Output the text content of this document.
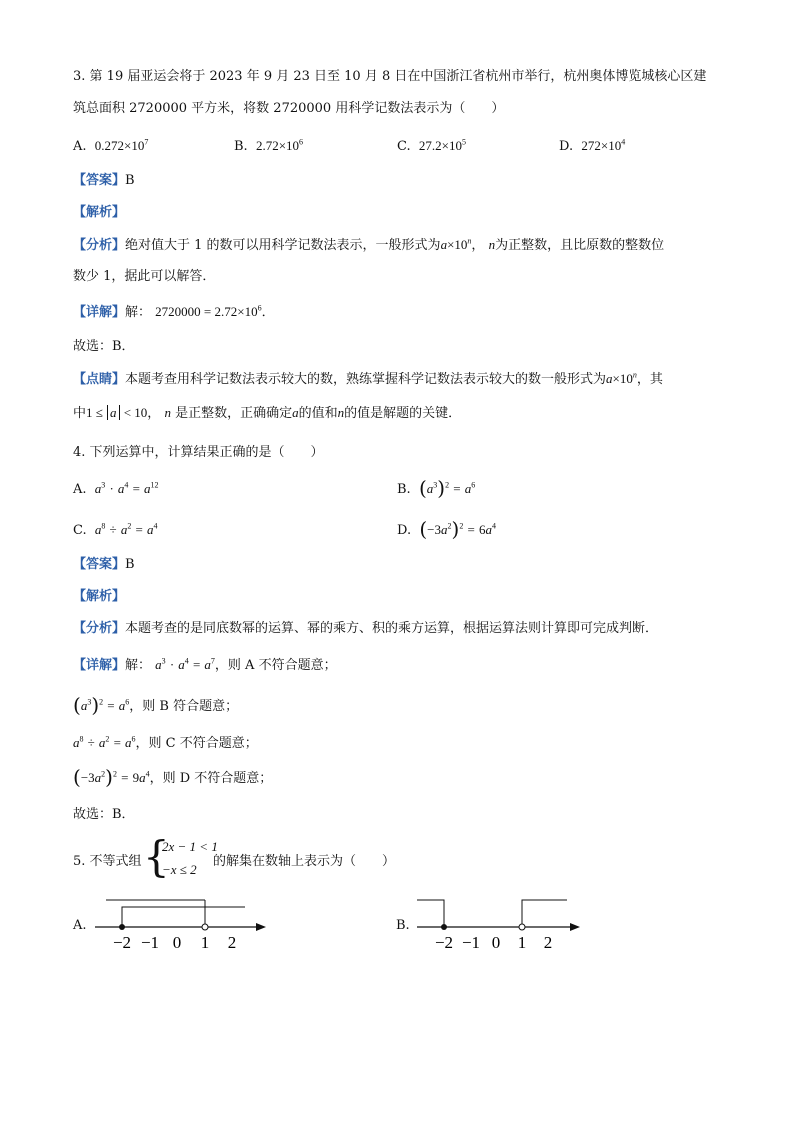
3. 第 19 届亚运会将于 2023 年 9 月 23 日至 10 月 8 日在中国浙江省杭州市举行，杭州奥体博览城核心区建
筑总面积 2720000 平方米，将数 2720000 用科学记数法表示为（　　）
A. $0.272\times 10^7$	B. $2.72\times 10^6$	C. $27.2\times 10^5$	D. $272\times 10^4$
【答案】B
【解析】
【分析】绝对值大于 1 的数可以用科学记数法表示，一般形式为$a\times 10^n$， n为正整数，且比原数的整数位
数少 1，据此可以解答．
【详解】解： $2720000 = 2.72\times 10^6$．
故选：B．
【点睛】本题考查用科学记数法表示较大的数，熟练掌握科学记数法表示较大的数一般形式为$a\times 10^n$，其
中1 ≤ a < 10， n 是正整数，正确确定a的值和n的值是解题的关键．
4. 下列运算中，计算结果正确的是（　　）
A. $a^3 \cdot a^4 = a^{12}$	B. $(a^3)^2 = a^6$
C. $a^8 \div a^2 = a^4$	D. $(-3a^2)^2 = 6a^4$
【答案】B
【解析】
【分析】本题考查的是同底数幂的运算、幂的乘方、积的乘方运算，根据运算法则计算即可完成判断．
【详解】解： $a^3 \cdot a^4 = a^7$，则 A 不符合题意；
$(a^3)^2 = a^6$，则 B 符合题意；
$a^8 \div a^2 = a^6$，则 C 不符合题意；
$(-3a^2)^2 = 9a^4$，则 D 不符合题意；
故选：B．
5. 不等式组 {
2x − 1 < 1
−x ≤ 2
的解集在数轴上表示为（　　）
A.
−2 −1 0 1 2
B.
−2 −1 0 1 2
